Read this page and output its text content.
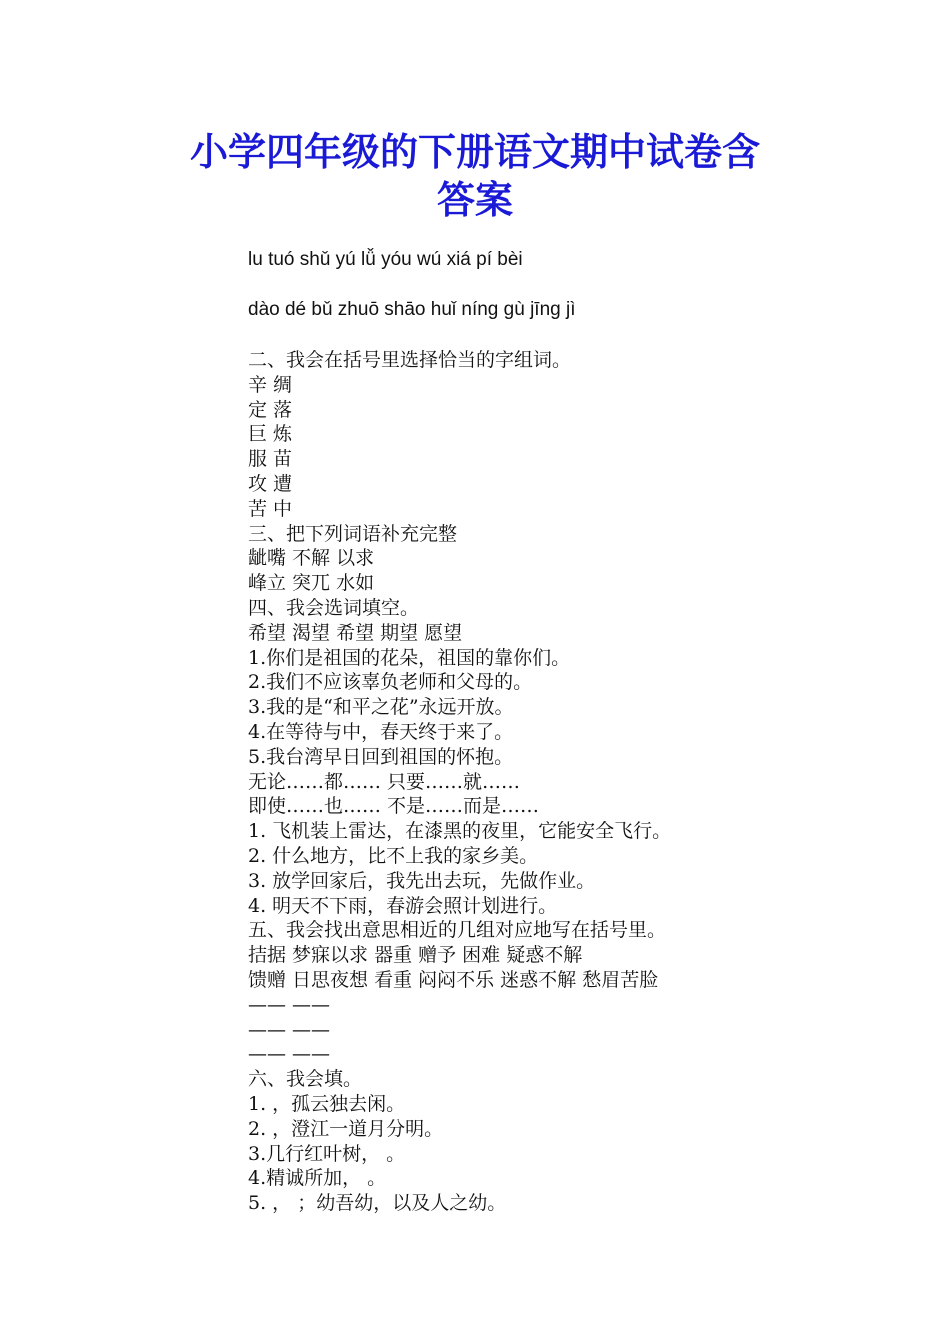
小学四年级的下册语文期中试卷含
答案
lu tuó shǔ yú lǚ yóu wú xiá pí bèi
dào dé bǔ zhuō shāo huǐ níng gù jīng jì
二、我会在括号里选择恰当的字组词。
辛 绸
定 落
巨 炼
服 苗
攻 遭
苦 中
三、把下列词语补充完整
龇嘴 不解 以求
峰立 突兀 水如
四、我会选词填空。
希望 渴望 希望 期望 愿望
1.你们是祖国的花朵，祖国的靠你们。
2.我们不应该辜负老师和父母的。
3.我的是“和平之花”永远开放。
4.在等待与中，春天终于来了。
5.我台湾早日回到祖国的怀抱。
无论……都…… 只要……就……
即使……也…… 不是……而是……
1. 飞机装上雷达，在漆黑的夜里，它能安全飞行。
2. 什么地方，比不上我的家乡美。
3. 放学回家后，我先出去玩，先做作业。
4. 明天不下雨，春游会照计划进行。
五、我会找出意思相近的几组对应地写在括号里。
拮据 梦寐以求 器重 赠予 困难 疑惑不解
馈赠 日思夜想 看重 闷闷不乐 迷惑不解 愁眉苦脸
—— ——
—— ——
—— ——
六、我会填。
1. ，孤云独去闲。
2. ，澄江一道月分明。
3.几行红叶树， 。
4.精诚所加， 。
5. ， ；幼吾幼，以及人之幼。
